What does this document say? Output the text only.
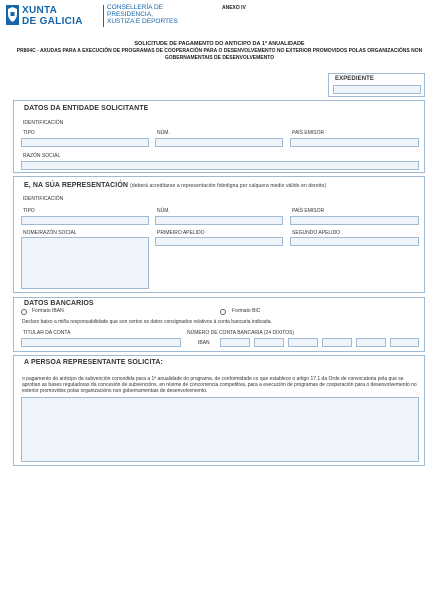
XUNTA
DE GALICIA
CONSELLERÍA DE
PRESIDENCIA,
XUSTIZA E DEPORTES
ANEXO IV
SOLICITUDE DE PAGAMENTO DO ANTICIPO DA 1ª ANUALIDADE
PR804C - AXUDAS PARA A EXECUCIÓN DE PROGRAMAS DE COOPERACIÓN PARA O DESENVOLVEMENTO NO EXTERIOR PROMOVIDOS POLAS ORGANIZACIÓNS NON
GOBERNAMENTAIS DE DESENVOLVEMENTO
EXPEDIENTE
DATOS DA ENTIDADE SOLICITANTE
IDENTIFICACIÓN
TIPO	NÚM.	PAÍS EMISOR
RAZÓN SOCIAL
E, NA SÚA REPRESENTACIÓN (deberá acreditarse a representación fidedigna por calquera medio válido en dereito)
IDENTIFICACIÓN
TIPO	NÚM.	PAÍS EMISOR
NOME/RAZÓN SOCIAL	PRIMEIRO APELIDO	SEGUNDO APELIDO
DATOS BANCARIOS
Formato IBAN	Formato BIC
Declaro baixo a miña responsabilidade que son certos os datos consignados relativos á conta bancaria indicada.
TITULAR DA CONTA	NÚMERO DE CONTA BANCARIA (24 DÍXITOS)
IBAN
A PERSOA REPRESENTANTE SOLICITA:
o pagamento do anticipo da subvención concedida para a 1ª anualidade do programa, de conformidade co que establece o artigo 17.1 da Orde de convocatoria pola que se aproban as bases reguladoras da concesión de subvencións, en réxime de concorrencia competitiva, para a execución de programas de cooperación para o desenvolvemento no exterior promovidos polas organizacións non gobernamentais de desenvolvemento.
